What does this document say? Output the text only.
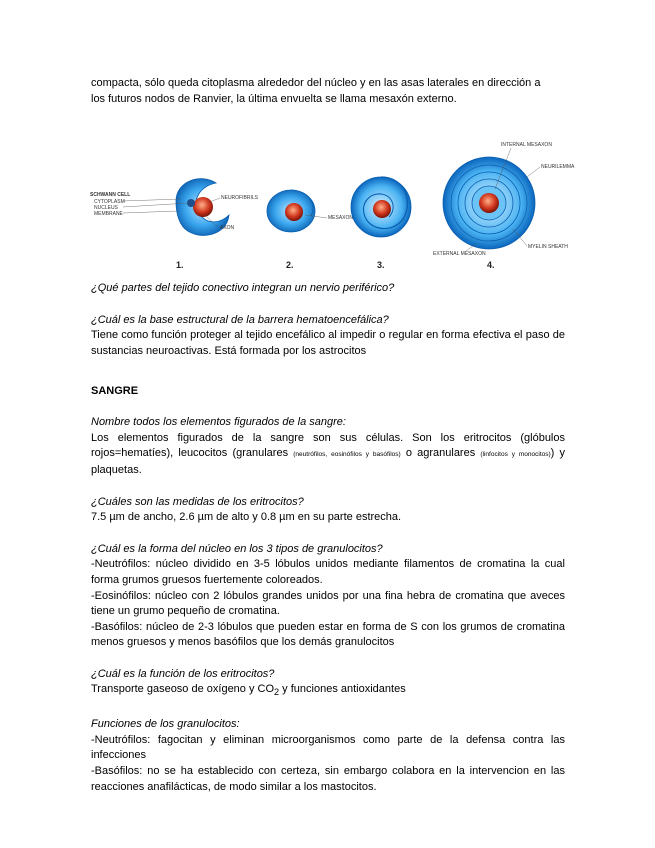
compacta, sólo queda citoplasma alrededor del núcleo y en las asas laterales en dirección a
los futuros nodos de Ranvier, la última envuelta se llama mesaxón externo.

SCHWANN CELL
CYTOPLASM
NUCLEUS
MEMBRANE
NEUROFIBRILS
AXON
1.
MESAXON
2.	3.
INTERNAL MESAXON
NEURILEMMA
EXTERNAL MESAXON
MYELIN SHEATH
4.

¿Qué partes del tejido conectivo integran un nervio periférico?

¿Cuál es la base estructural de la barrera hematoencefálica?

Tiene como función proteger al tejido encefálico al impedir o regular en forma efectiva el paso de sustancias neuroactivas. Está formada por los astrocitos

SANGRE

Nombre todos los elementos figurados de la sangre:

Los elementos figurados de la sangre son sus células. Son los eritrocitos (glóbulos rojos=hematíes), leucocitos (granulares (neutrófilos, eosinófilos y basófilos) o agranulares (linfocitos y monocitos)) y plaquetas.

¿Cuáles son las medidas de los eritrocitos?

7.5 µm de ancho, 2.6 µm de alto y 0.8 µm en su parte estrecha.

¿Cuál es la forma del núcleo en los 3 tipos de granulocitos?

-Neutrófilos: núcleo dividido en 3-5 lóbulos unidos mediante filamentos de cromatina la cual forma grumos gruesos fuertemente coloreados.

-Eosinófilos: núcleo con 2 lóbulos grandes unidos por una fina hebra de cromatina que aveces tiene un grumo pequeño de cromatina.

-Basófilos: núcleo de 2-3 lóbulos que pueden estar en forma de S con los grumos de cromatina menos gruesos y menos basófilos que los demás granulocitos

¿Cuál es la función de los eritrocitos?

Transporte gaseoso de oxígeno y $CO_2$ y funciones antioxidantes

Funciones de los granulocitos:

-Neutrófilos: fagocitan y eliminan microorganismos como parte de la defensa contra las infecciones

-Basófilos: no se ha establecido con certeza, sin embargo colabora en la intervencion en las reacciones anafilácticas, de modo similar a los mastocitos.
